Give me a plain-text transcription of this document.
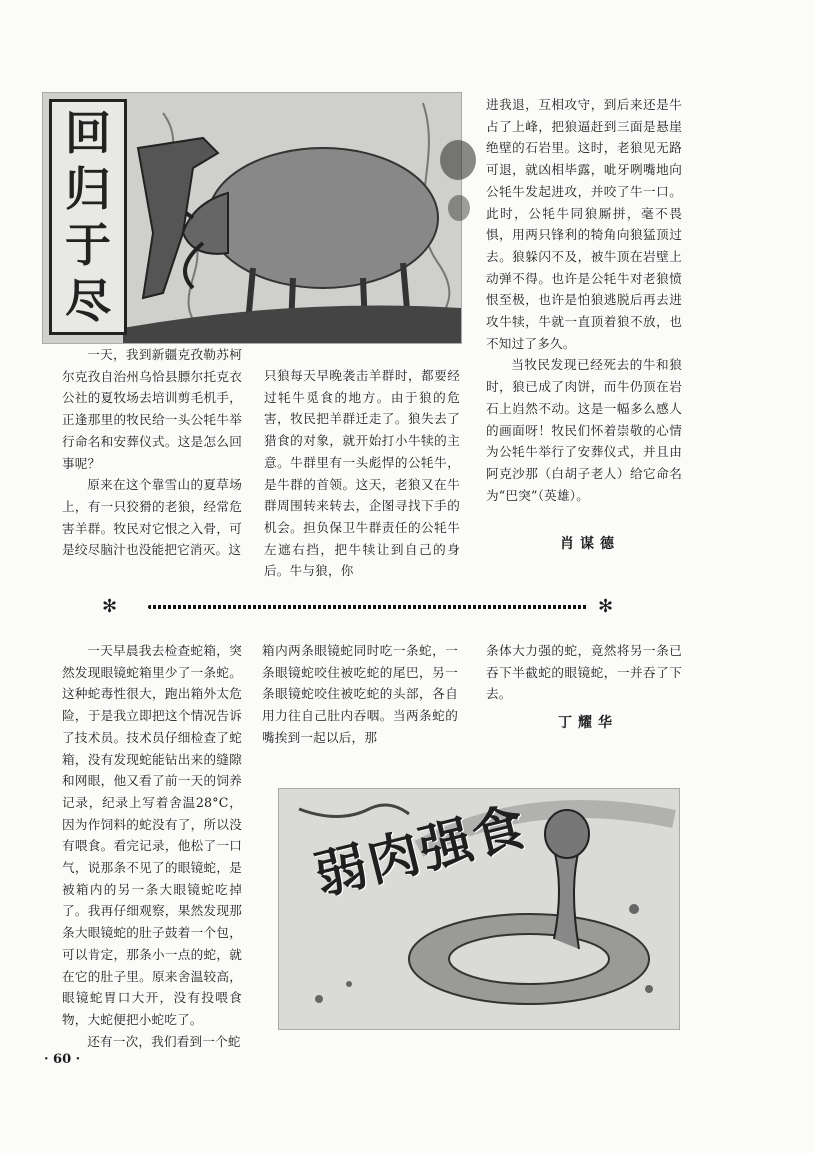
回
归
于
尽

一天，我到新疆克孜勒苏柯尔克孜自治州乌恰县膘尔托克衣公社的夏牧场去培训剪毛机手，正逢那里的牧民给一头公牦牛举行命名和安葬仪式。这是怎么回事呢？

原来在这个靠雪山的夏草场上，有一只狡猾的老狼，经常危害羊群。牧民对它恨之入骨，可是绞尽脑汁也没能把它消灭。这

只狼每天早晚袭击羊群时，都要经过牦牛觅食的地方。由于狼的危害，牧民把羊群迁走了。狼失去了猎食的对象，就开始打小牛犊的主意。牛群里有一头彪悍的公牦牛，是牛群的首领。这天，老狼又在牛群周围转来转去，企图寻找下手的机会。担负保卫牛群责任的公牦牛左遮右挡，把牛犊让到自己的身后。牛与狼，你

进我退，互相攻守，到后来还是牛占了上峰，把狼逼赶到三面是悬崖绝壁的石岩里。这时，老狼见无路可退，就凶相毕露，呲牙咧嘴地向公牦牛发起进攻，并咬了牛一口。此时，公牦牛同狼厮拼，毫不畏惧，用两只锋利的犄角向狼猛顶过去。狼躲闪不及，被牛顶在岩壁上动弹不得。也许是公牦牛对老狼愤恨至极，也许是怕狼逃脱后再去进攻牛犊，牛就一直顶着狼不放，也不知过了多久。

当牧民发现已经死去的牛和狼时，狼已成了肉饼，而牛仍顶在岩石上岿然不动。这是一幅多么感人的画面呀！牧民们怀着崇敬的心情为公牦牛举行了安葬仪式，并且由阿克沙那（白胡子老人）给它命名为“巴突”（英雄）。

肖谋德
✻	✻

一天早晨我去检查蛇箱，突然发现眼镜蛇箱里少了一条蛇。这种蛇毒性很大，跑出箱外太危险，于是我立即把这个情况告诉了技术员。技术员仔细检查了蛇箱，没有发现蛇能钻出来的缝隙和网眼，他又看了前一天的饲养记录，纪录上写着舍温28°C，因为作饲料的蛇没有了，所以没有喂食。看完记录，他松了一口气，说那条不见了的眼镜蛇，是被箱内的另一条大眼镜蛇吃掉了。我再仔细观察，果然发现那条大眼镜蛇的肚子鼓着一个包，可以肯定，那条小一点的蛇，就在它的肚子里。原来舍温较高，眼镜蛇胃口大开，没有投喂食物，大蛇便把小蛇吃了。

还有一次，我们看到一个蛇

箱内两条眼镜蛇同时吃一条蛇，一条眼镜蛇咬住被吃蛇的尾巴，另一条眼镜蛇咬住被吃蛇的头部，各自用力往自己肚内吞咽。当两条蛇的嘴挨到一起以后，那

条体大力强的蛇，竟然将另一条已吞下半截蛇的眼镜蛇，一并吞了下去。

丁耀华
弱肉强食
· 60 ·
